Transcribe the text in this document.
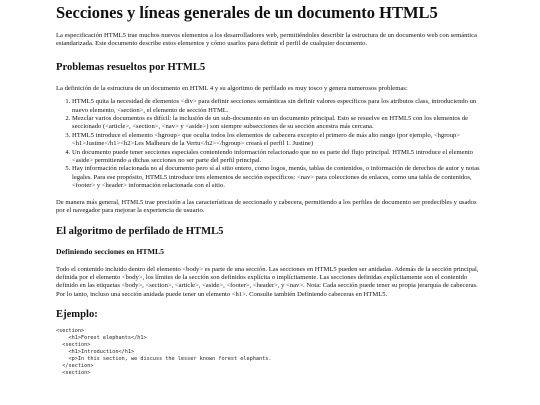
Secciones y líneas generales de un documento HTML5

La especificación HTML5 trae muchos nuevos elementos a los desarrolladores web, permitiéndoles describir la estructura de un documento web con semántica estandarizada. Este documento describe estos elementos y cómo usarlos para definir el perfil de cualquier documento.

Problemas resueltos por HTML5

La definición de la estructura de un documento en HTML 4 y su algoritmo de perfilado es muy tosco y genera numerosos problemas:

1. HTML5 quita la necesidad de elementos <div> para definir secciones semánticas sin definir valores específicos para los atributos class, introduciendo un nuevo elemento, <section>, el elemento de sección HTML.
2. Mezclar varios documentos es difícil: la inclusión de un sub-documento en un documento principal. Esto se resuelve en HTML5 con los elementos de seccionado (<article>, <section>, <nav> y <aside>) son siempre subsecciones de su sección ancestra más cercana.
3. HTML5 introduce el elemento <hgroup> que oculta todos los elementos de cabecera excepto el primero de más alto rango (por ejemplo, <hgroup><h1>Justine</h1><h2>Les Malheurs de la Vertu</h2></hgroup> creará el perfil 1. Justine)
4. Un documento puede tener secciones especiales conteniendo información relacionado que no es parte del flujo principal. HTML5 introduce el elemento <aside> permitiendo a dichas secciones no ser parte del perfil principal.
5. Hay información relacionada no al documento pero sí al sitio entero, como logos, menús, tablas de contenidos, o información de derechos de autor y notas legales. Para ese propósito, HTML5 introduce tres elementos de sección específicos: <nav> para colecciones de enlaces, como una tabla de contenidos, <footer> y <header> información relacionada con el sitio.

De manera más general, HTML5 trae precisión a las características de seccionado y cabecera, permitiendo a los perfiles de documento ser predecibles y usados por el navegador para mejorar la experiencia de usuario.

El algoritmo de perfilado de HTML5
Definiendo secciones en HTML5

Todo el contenido incluido dentro del elemento <body> es parte de una sección. Las secciones en HTML5 pueden ser anidadas. Además de la sección principal, definida por el elemento <body>, los límites de la sección son definidos explícita o implícitamente. Las secciones definidas explícitamente son el contenido definido en las etiquetas <body>, <section>, <article>, <aside>, <footer>, <header>, y <nav>. Nota: Cada sección puede tener su propia jerarquía de cabeceras. Por lo tanto, incluso una sección anidada puede tener un elemento <h1>. Consulte también Definiendo cabeceras en HTML5.

Ejemplo:
<section>
<h1>Forest elephants</h1>
<section>
<h1>Introduction</h1>
<p>In this section, we discuss the lesser known forest elephants.
</section>
<section>
